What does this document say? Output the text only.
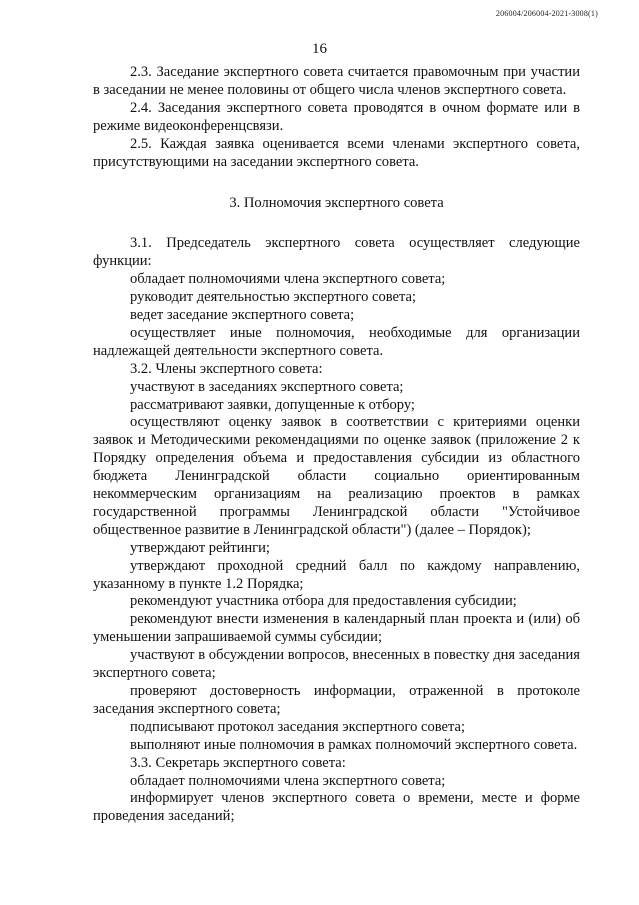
206004/206004-2021-3008(1)
16

2.3. Заседание экспертного совета считается правомочным при участии в заседании не менее половины от общего числа членов экспертного совета.

2.4. Заседания экспертного совета проводятся в очном формате или в режиме видеоконференцсвязи.

2.5. Каждая заявка оценивается всеми членами экспертного совета, присутствующими на заседании экспертного совета.

3. Полномочия экспертного совета

3.1. Председатель экспертного совета осуществляет следующие функции:

обладает полномочиями члена экспертного совета;

руководит деятельностью экспертного совета;

ведет заседание экспертного совета;

осуществляет иные полномочия, необходимые для организации надлежащей деятельности экспертного совета.

3.2. Члены экспертного совета:

участвуют в заседаниях экспертного совета;

рассматривают заявки, допущенные к отбору;

осуществляют оценку заявок в соответствии с критериями оценки заявок и Методическими рекомендациями по оценке заявок (приложение 2 к Порядку определения объема и предоставления субсидии из областного бюджета Ленинградской области социально ориентированным некоммерческим организациям на реализацию проектов в рамках государственной программы Ленинградской области "Устойчивое общественное развитие в Ленинградской области") (далее – Порядок);

утверждают рейтинги;

утверждают проходной средний балл по каждому направлению, указанному в пункте 1.2 Порядка;

рекомендуют участника отбора для предоставления субсидии;

рекомендуют внести изменения в календарный план проекта и (или) об уменьшении запрашиваемой суммы субсидии;

участвуют в обсуждении вопросов, внесенных в повестку дня заседания экспертного совета;

проверяют достоверность информации, отраженной в протоколе заседания экспертного совета;

подписывают протокол заседания экспертного совета;

выполняют иные полномочия в рамках полномочий экспертного совета.

3.3. Секретарь экспертного совета:

обладает полномочиями члена экспертного совета;

информирует членов экспертного совета о времени, месте и форме проведения заседаний;
